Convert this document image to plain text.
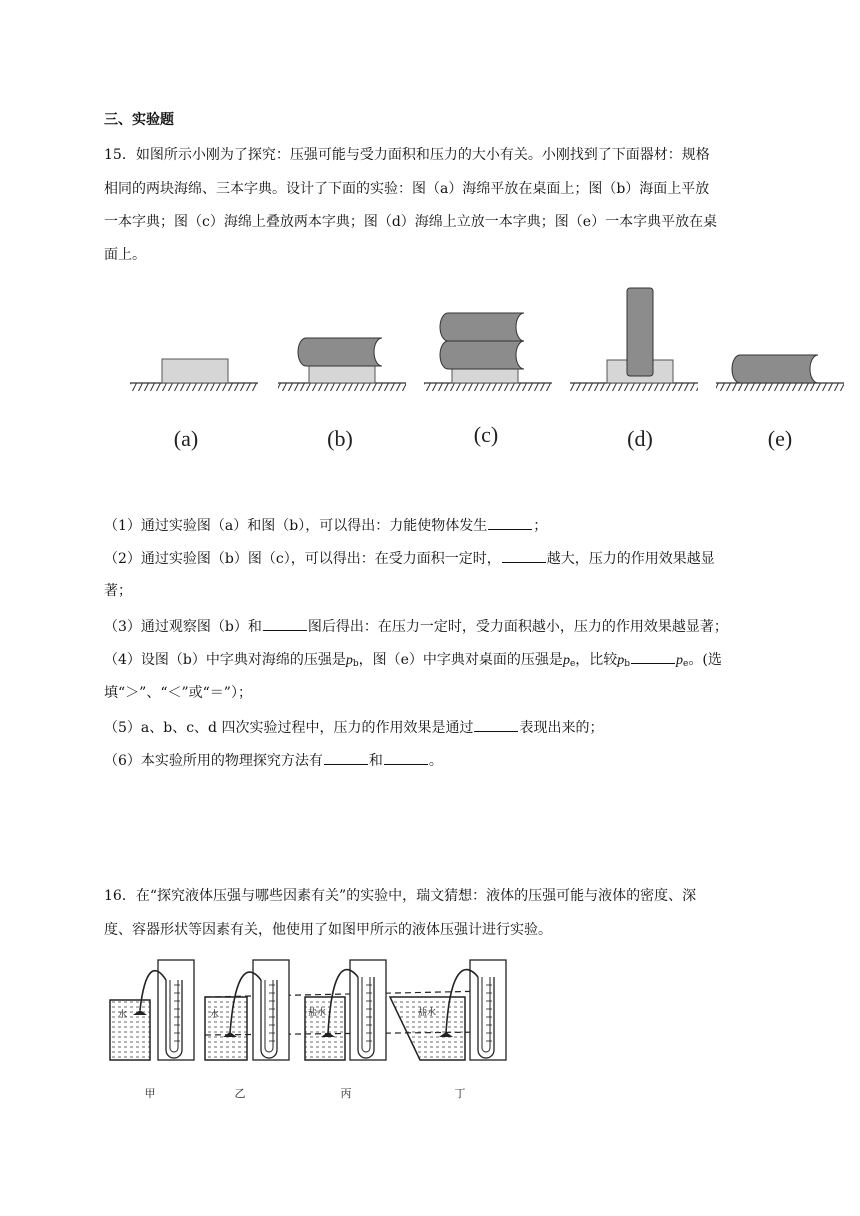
三、实验题
15．如图所示小刚为了探究：压强可能与受力面积和压力的大小有关。小刚找到了下面器材：规格
相同的两块海绵、三本字典。设计了下面的实验：图（a）海绵平放在桌面上；图（b）海面上平放
一本字典；图（c）海绵上叠放两本字典；图（d）海绵上立放一本字典；图（e）一本字典平放在桌
面上。
(a)	(b)	(c)	(d)	(e)
（1）通过实验图（a）和图（b），可以得出：力能使物体发生	；
（2）通过实验图（b）图（c），可以得出：在受力面积一定时，	越大，压力的作用效果越显
著；
（3）通过观察图（b）和	图后得出：在压力一定时，受力面积越小，压力的作用效果越显著；
（4）设图（b）中字典对海绵的压强是$p_b$，图（e）中字典对桌面的压强是$p_e$，比较$p_b$	$p_e$。(选
填“＞”、“＜”或“＝”）；
（5）a、b、c、d 四次实验过程中，压力的作用效果是通过	表现出来的；
（6）本实验所用的物理探究方法有	和	。
16．在“探究液体压强与哪些因素有关”的实验中，瑞文猜想：液体的压强可能与液体的密度、深
度、容器形状等因素有关，他使用了如图甲所示的液体压强计进行实验。
水	水	盐水	盐水
甲	乙	丙	丁
